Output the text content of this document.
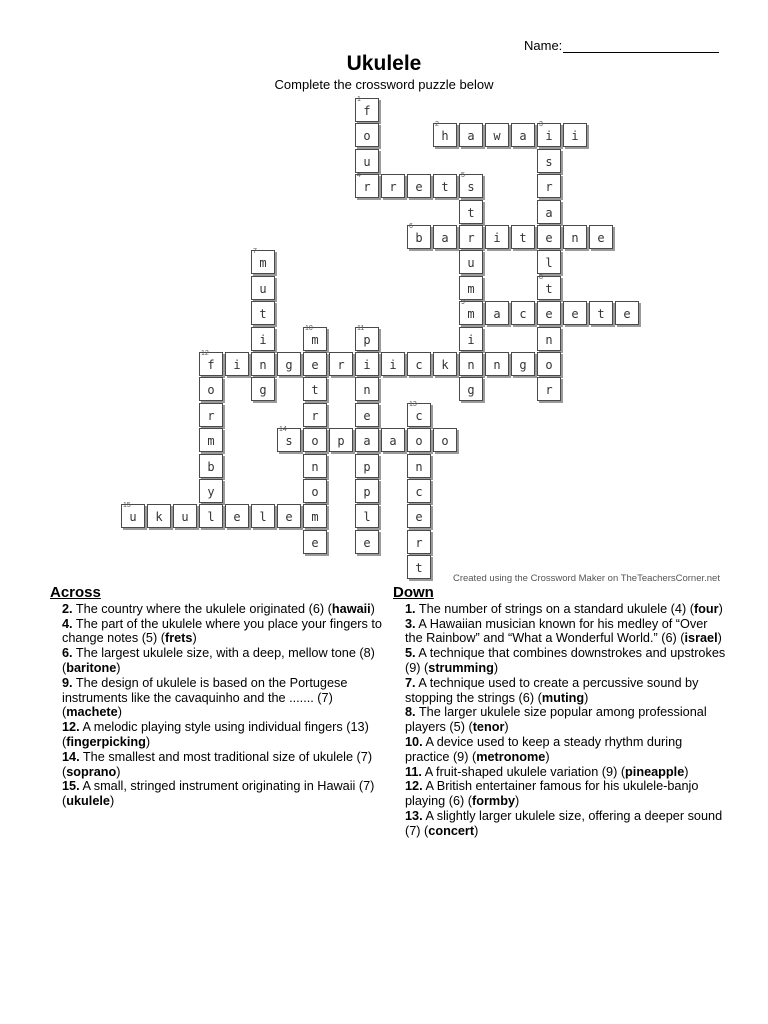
Name:
Ukulele
Complete the crossword puzzle below
f
1
o
u
r
4
h
2
a	w	a	i
3
i
s
r
a
e
l
r	e	t	s
5
t
r
u
m
m
9
i
n
g
b
6
a	i	t	n	e
m
7
u
t
i
n
g
t
8
e
n
o
r
a	c	e	t	e
m
10
e
t
r
o
n
o
m
e
p
11
i
n
e
a
p
p
l
e
f
12
i	g	r	i	c	k	n	g
o
r
m
b
y
c
13
o
n
c
e
r
t
s
14
p	a	o
u
15
k	u	l	e	l	e
Created using the Crossword Maker on TheTeachersCorner.net
Across
2. The country where the ukulele originated (6) (hawaii)
4. The part of the ukulele where you place your fingers to change notes (5) (frets)
6. The largest ukulele size, with a deep, mellow tone (8) (baritone)
9. The design of ukulele is based on the Portugese instruments like the cavaquinho and the ....... (7) (machete)
12. A melodic playing style using individual fingers (13) (fingerpicking)
14. The smallest and most traditional size of ukulele (7) (soprano)
15. A small, stringed instrument originating in Hawaii (7) (ukulele)
Down
1. The number of strings on a standard ukulele (4) (four)
3. A Hawaiian musician known for his medley of “Over the Rainbow” and “What a Wonderful World.” (6) (israel)
5. A technique that combines downstrokes and upstrokes (9) (strumming)
7. A technique used to create a percussive sound by stopping the strings (6) (muting)
8. The larger ukulele size popular among professional players (5) (tenor)
10. A device used to keep a steady rhythm during practice (9) (metronome)
11. A fruit-shaped ukulele variation (9) (pineapple)
12. A British entertainer famous for his ukulele-banjo playing (6) (formby)
13. A slightly larger ukulele size, offering a deeper sound (7) (concert)
